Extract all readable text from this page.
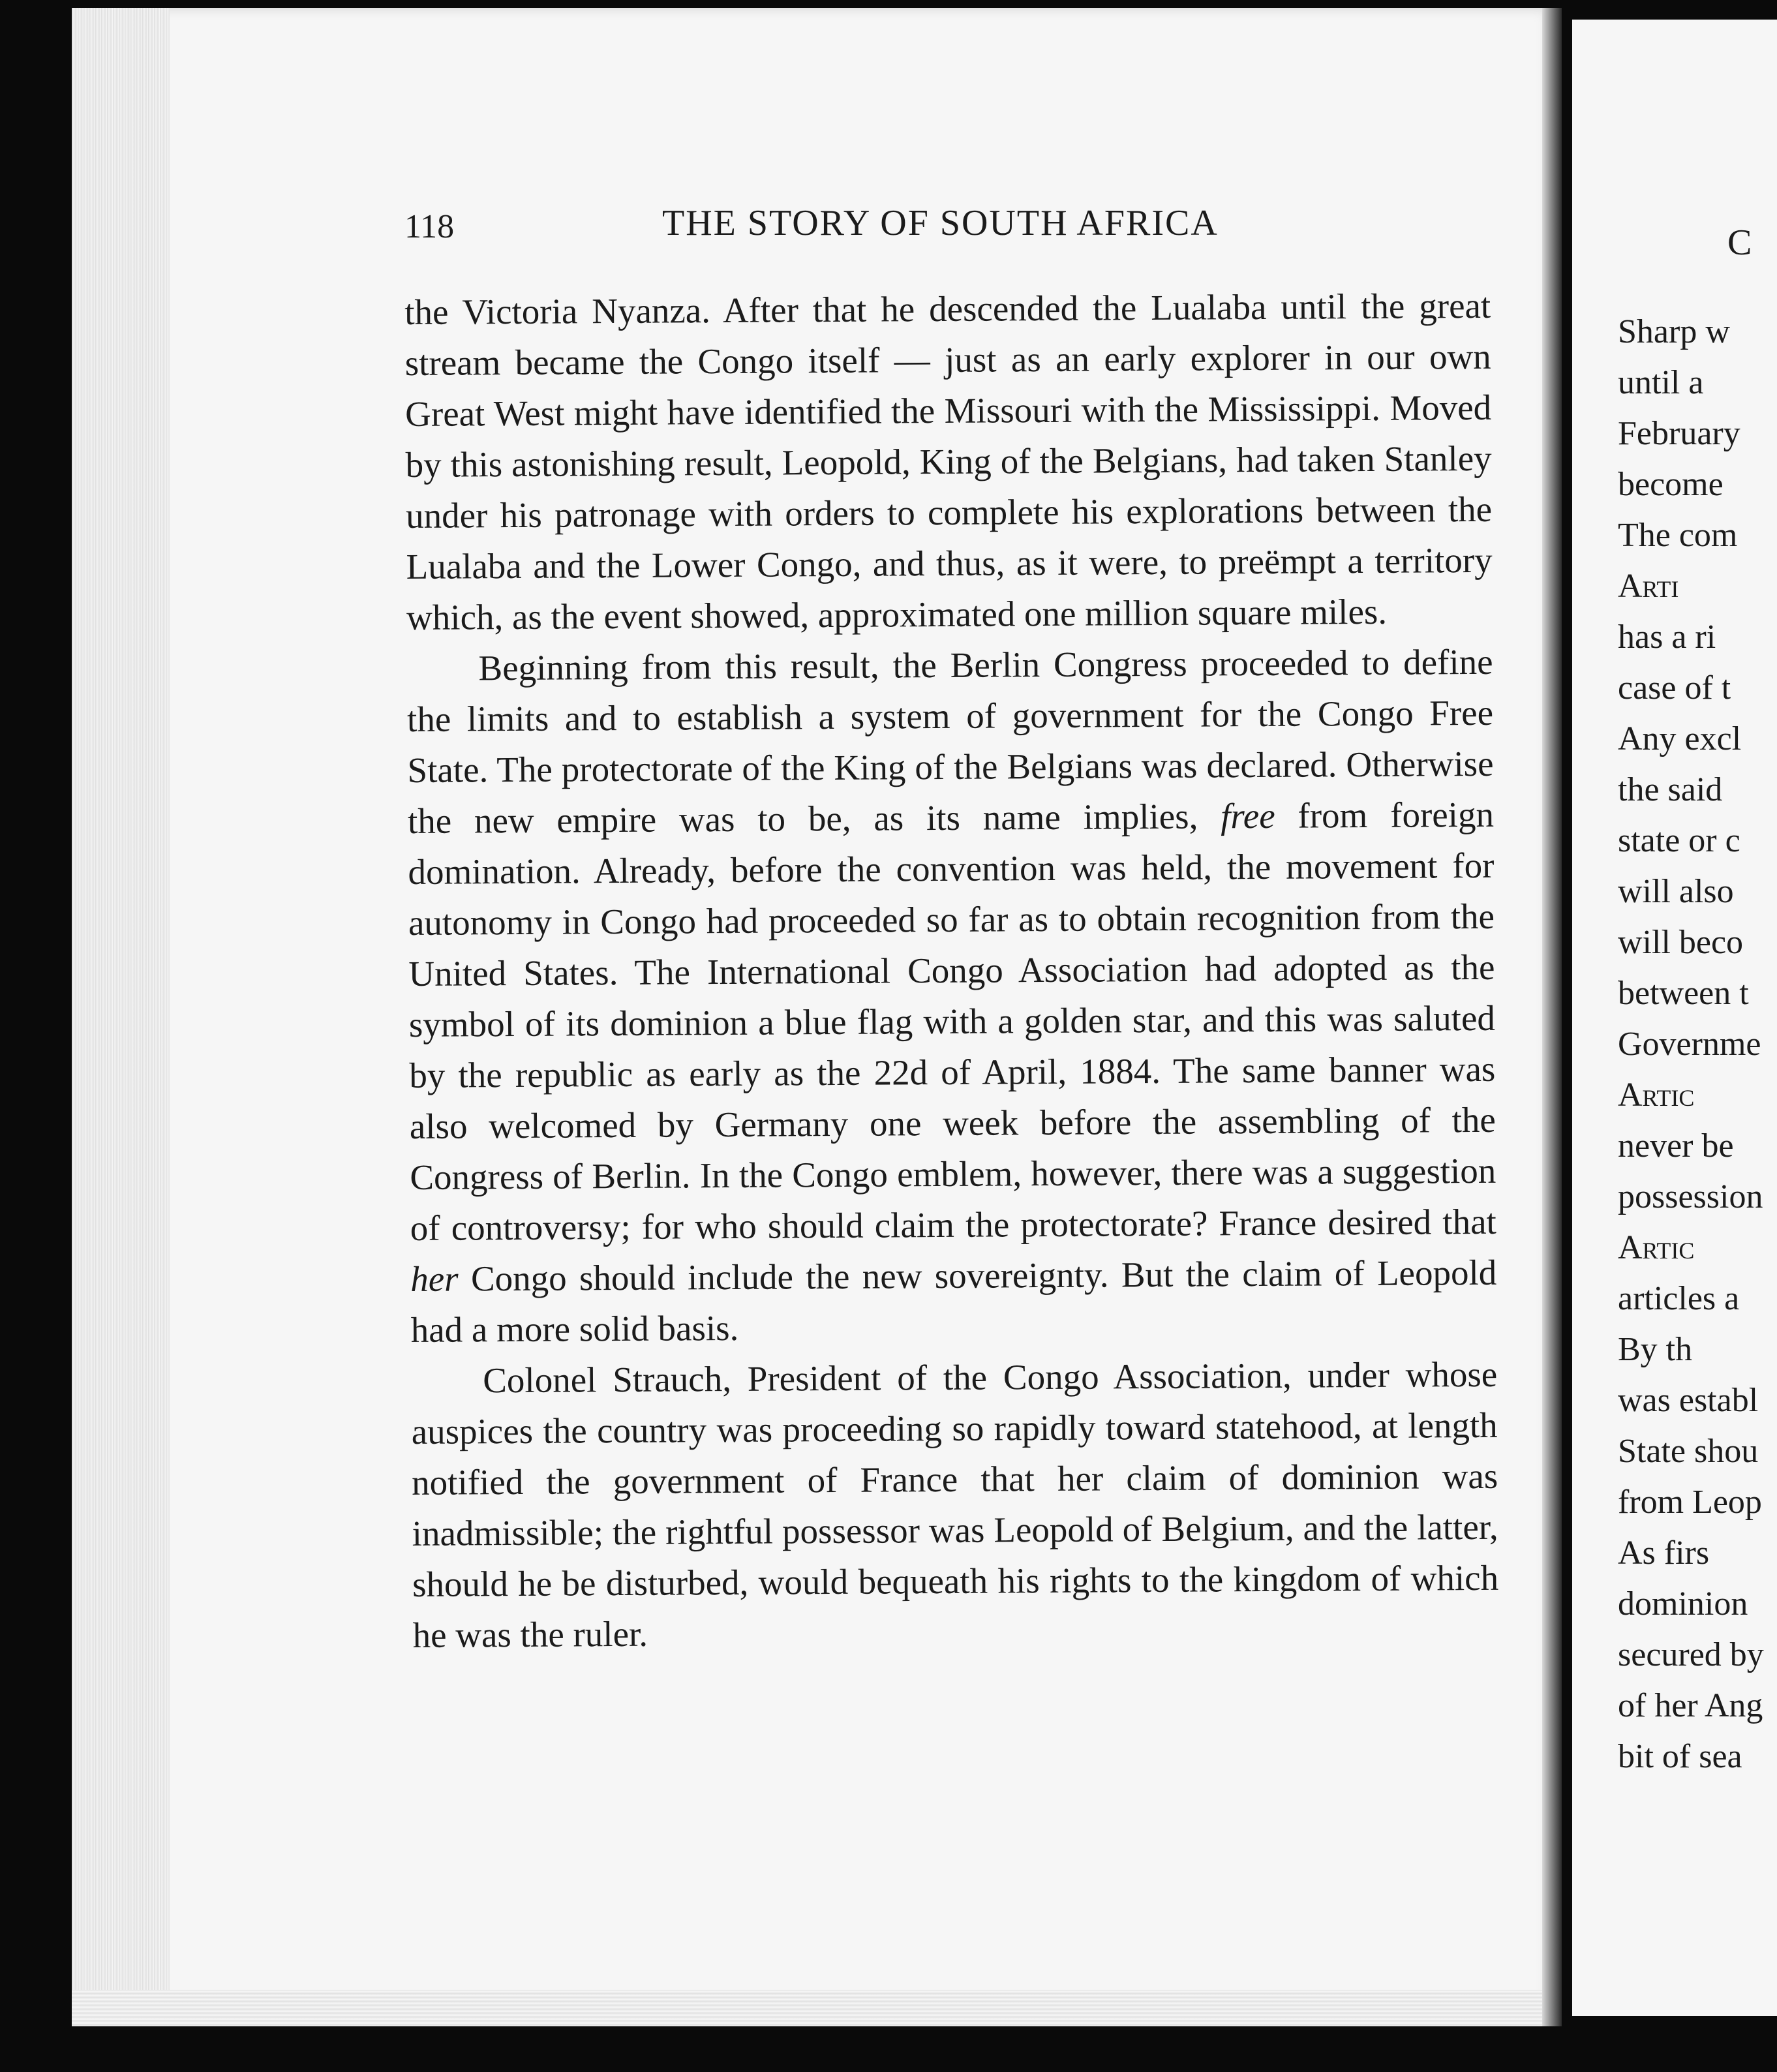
118	THE STORY OF SOUTH AFRICA

the Victoria Nyanza. After that he descended the Lualaba until the great stream became the Congo itself — just as an early explorer in our own Great West might have identified the Missouri with the Mississippi. Moved by this astonishing result, Leopold, King of the Belgians, had taken Stanley under his patronage with orders to complete his explorations between the Lualaba and the Lower Congo, and thus, as it were, to preëmpt a territory which, as the event showed, approximated one million square miles.

Beginning from this result, the Berlin Congress proceeded to define the limits and to establish a system of government for the Congo Free State. The protectorate of the King of the Belgians was declared. Otherwise the new empire was to be, as its name implies, free from foreign domination. Already, before the convention was held, the movement for autonomy in Congo had proceeded so far as to obtain recognition from the United States. The International Congo Association had adopted as the symbol of its dominion a blue flag with a golden star, and this was saluted by the republic as early as the 22d of April, 1884. The same banner was also welcomed by Germany one week before the assembling of the Congress of Berlin. In the Congo emblem, however, there was a suggestion of controversy; for who should claim the protectorate? France desired that her Congo should include the new sovereignty. But the claim of Leopold had a more solid basis.

Colonel Strauch, President of the Congo Association, under whose auspices the country was proceeding so rapidly toward statehood, at length notified the government of France that her claim of dominion was inadmissible; the rightful possessor was Leopold of Belgium, and the latter, should he be disturbed, would bequeath his rights to the kingdom of which he was the ruler.

C
Sharp w
until a
February
become
The com
Arti
has a ri
case of t
Any excl
the said
state or c
will also
will beco
between t
Governme
Artic
never be
possession
Artic
articles a
By th
was establ
State shou
from Leop
As firs
dominion
secured by
of her Ang
bit of sea
